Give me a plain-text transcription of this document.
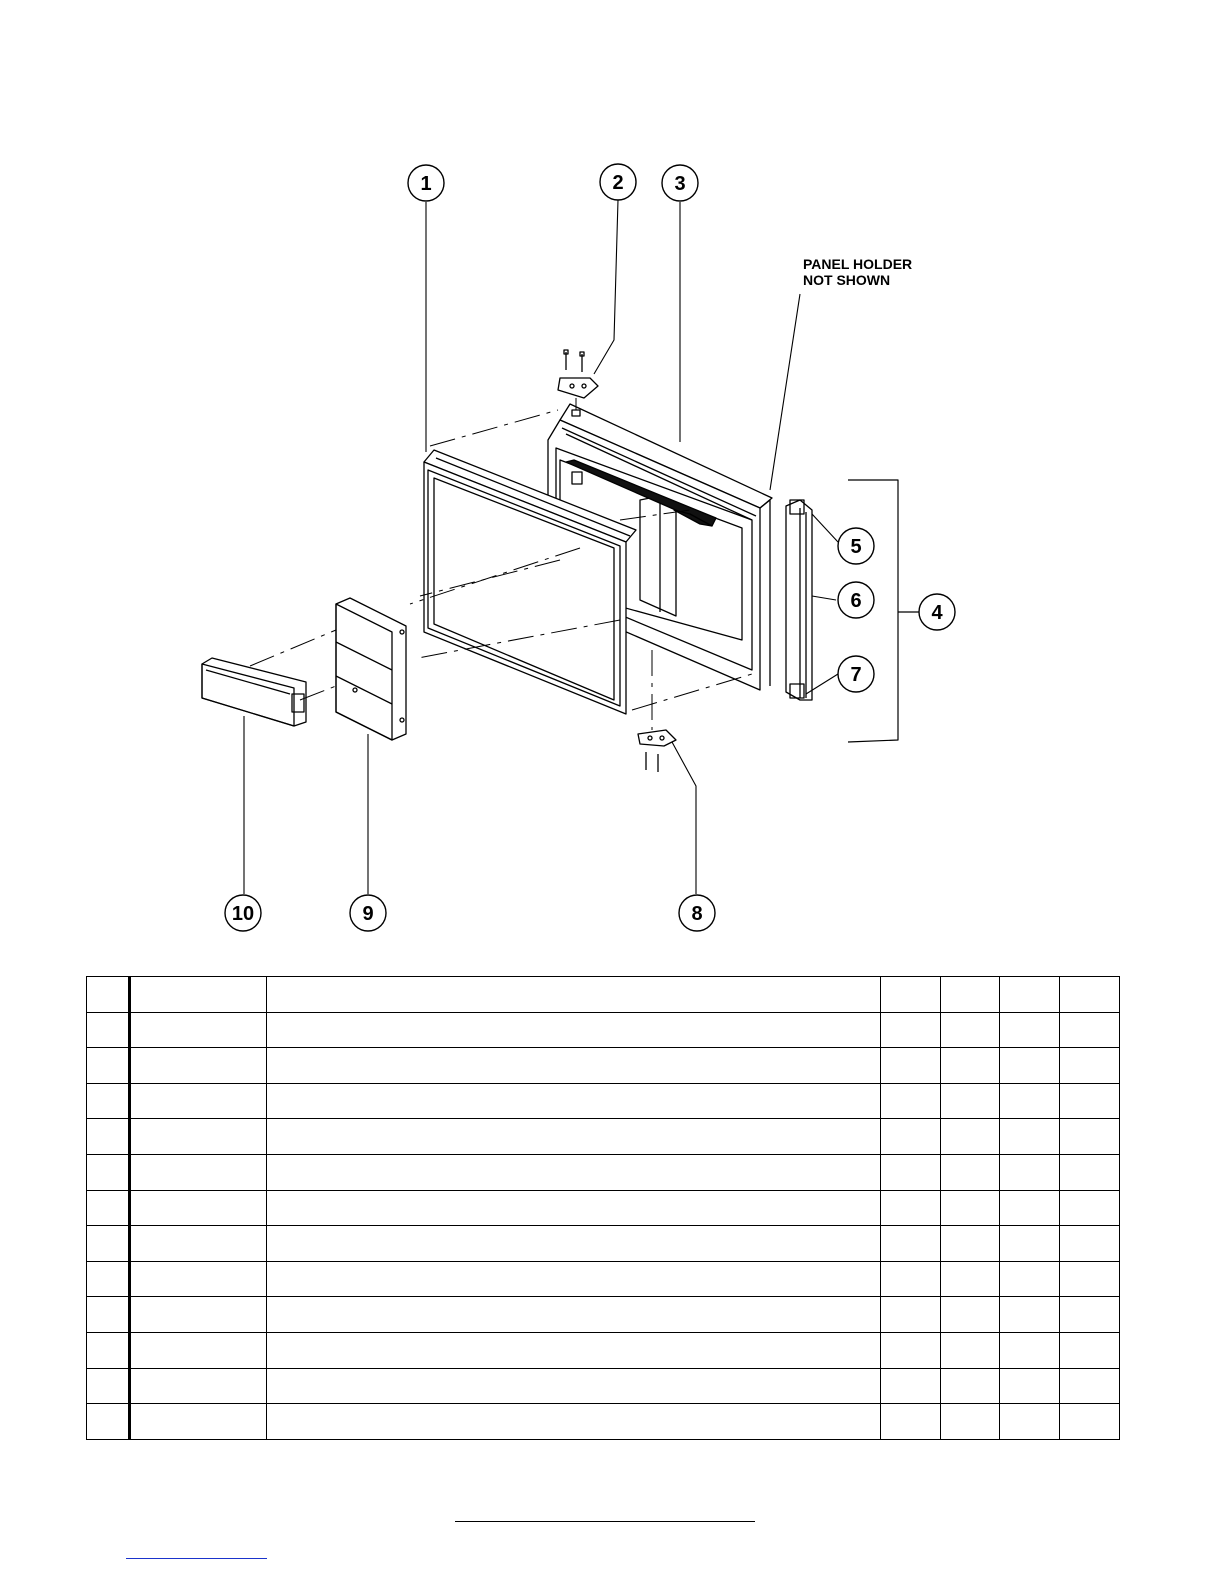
1	2	3
4
5
6
7
8
9
10
PANEL HOLDER
NOT SHOWN
